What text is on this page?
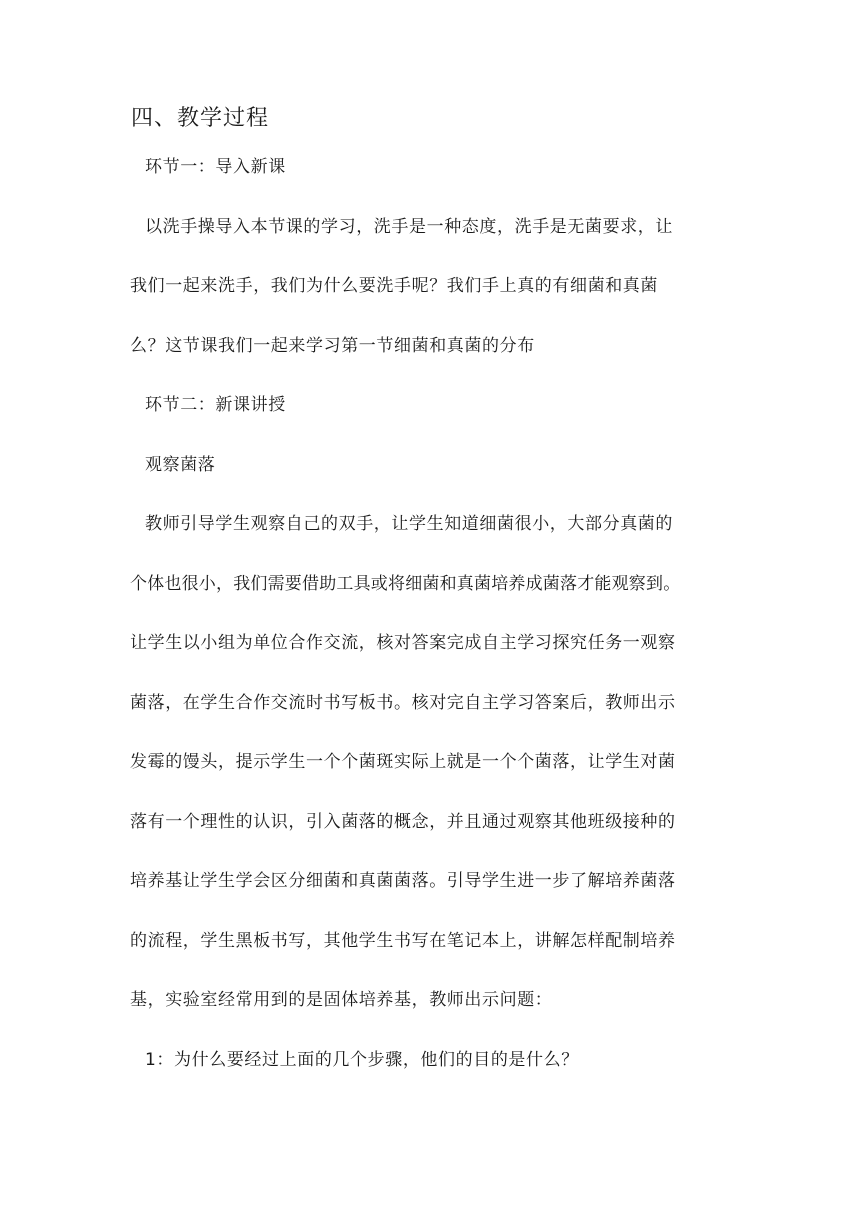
四、教学过程
环节一：导入新课
以洗手操导入本节课的学习，洗手是一种态度，洗手是无菌要求，让
我们一起来洗手，我们为什么要洗手呢？我们手上真的有细菌和真菌
么？这节课我们一起来学习第一节细菌和真菌的分布
环节二：新课讲授
观察菌落
教师引导学生观察自己的双手，让学生知道细菌很小，大部分真菌的
个体也很小，我们需要借助工具或将细菌和真菌培养成菌落才能观察到。
让学生以小组为单位合作交流，核对答案完成自主学习探究任务一观察
菌落，在学生合作交流时书写板书。核对完自主学习答案后，教师出示
发霉的馒头，提示学生一个个菌斑实际上就是一个个菌落，让学生对菌
落有一个理性的认识，引入菌落的概念，并且通过观察其他班级接种的
培养基让学生学会区分细菌和真菌菌落。引导学生进一步了解培养菌落
的流程，学生黑板书写，其他学生书写在笔记本上，讲解怎样配制培养
基，实验室经常用到的是固体培养基，教师出示问题：
1：为什么要经过上面的几个步骤，他们的目的是什么？
